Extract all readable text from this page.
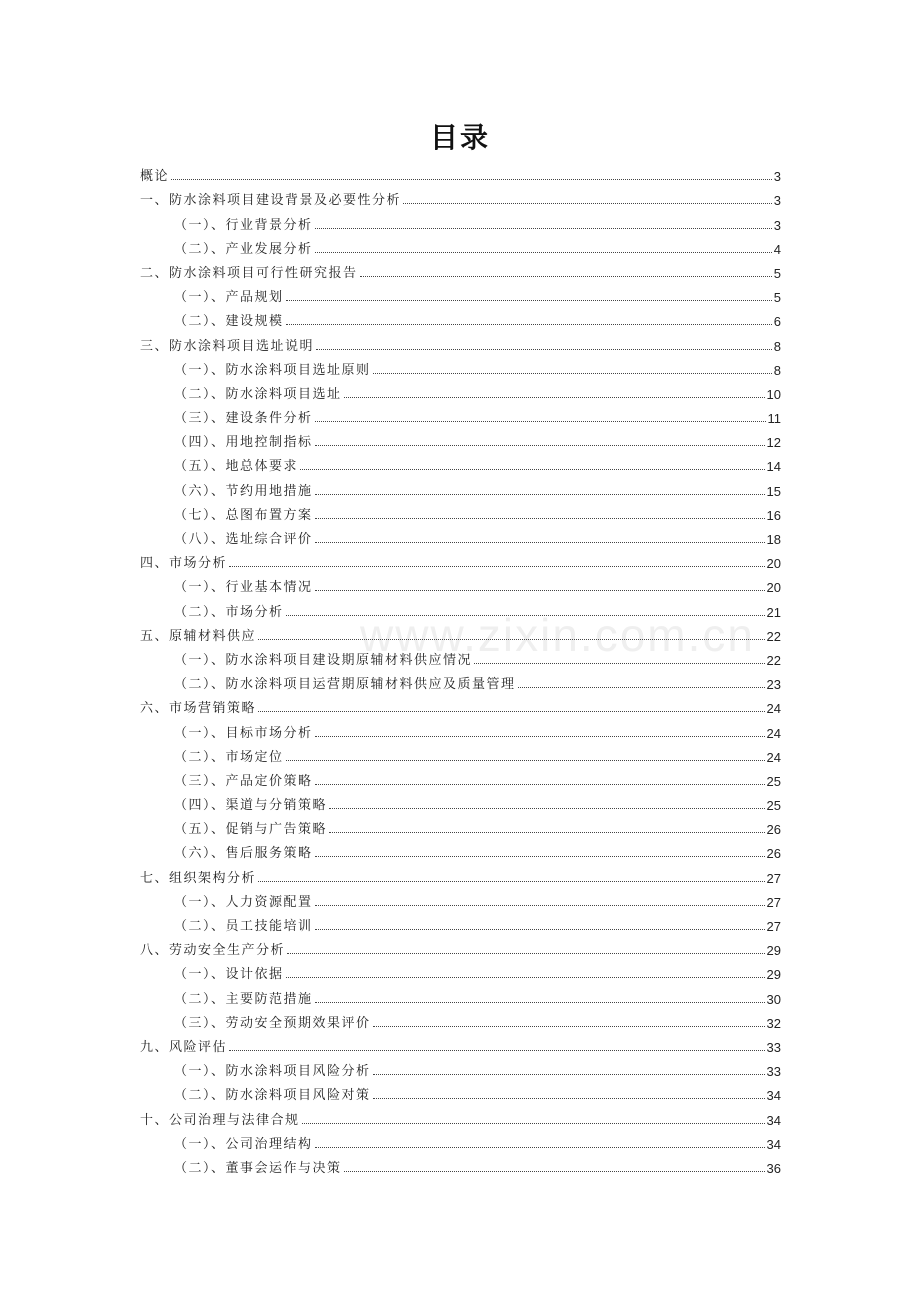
目录
www.zixin.com.cn
概论	3
一、防水涂料项目建设背景及必要性分析	3
（一）、行业背景分析	3
（二）、产业发展分析	4
二、防水涂料项目可行性研究报告	5
（一）、产品规划	5
（二）、建设规模	6
三、防水涂料项目选址说明	8
（一）、防水涂料项目选址原则	8
（二）、防水涂料项目选址	10
（三）、建设条件分析	11
（四）、用地控制指标	12
（五）、地总体要求	14
（六）、节约用地措施	15
（七）、总图布置方案	16
（八）、选址综合评价	18
四、市场分析	20
（一）、行业基本情况	20
（二）、市场分析	21
五、原辅材料供应	22
（一）、防水涂料项目建设期原辅材料供应情况	22
（二）、防水涂料项目运营期原辅材料供应及质量管理	23
六、市场营销策略	24
（一）、目标市场分析	24
（二）、市场定位	24
（三）、产品定价策略	25
（四）、渠道与分销策略	25
（五）、促销与广告策略	26
（六）、售后服务策略	26
七、组织架构分析	27
（一）、人力资源配置	27
（二）、员工技能培训	27
八、劳动安全生产分析	29
（一）、设计依据	29
（二）、主要防范措施	30
（三）、劳动安全预期效果评价	32
九、风险评估	33
（一）、防水涂料项目风险分析	33
（二）、防水涂料项目风险对策	34
十、公司治理与法律合规	34
（一）、公司治理结构	34
（二）、董事会运作与决策	36
